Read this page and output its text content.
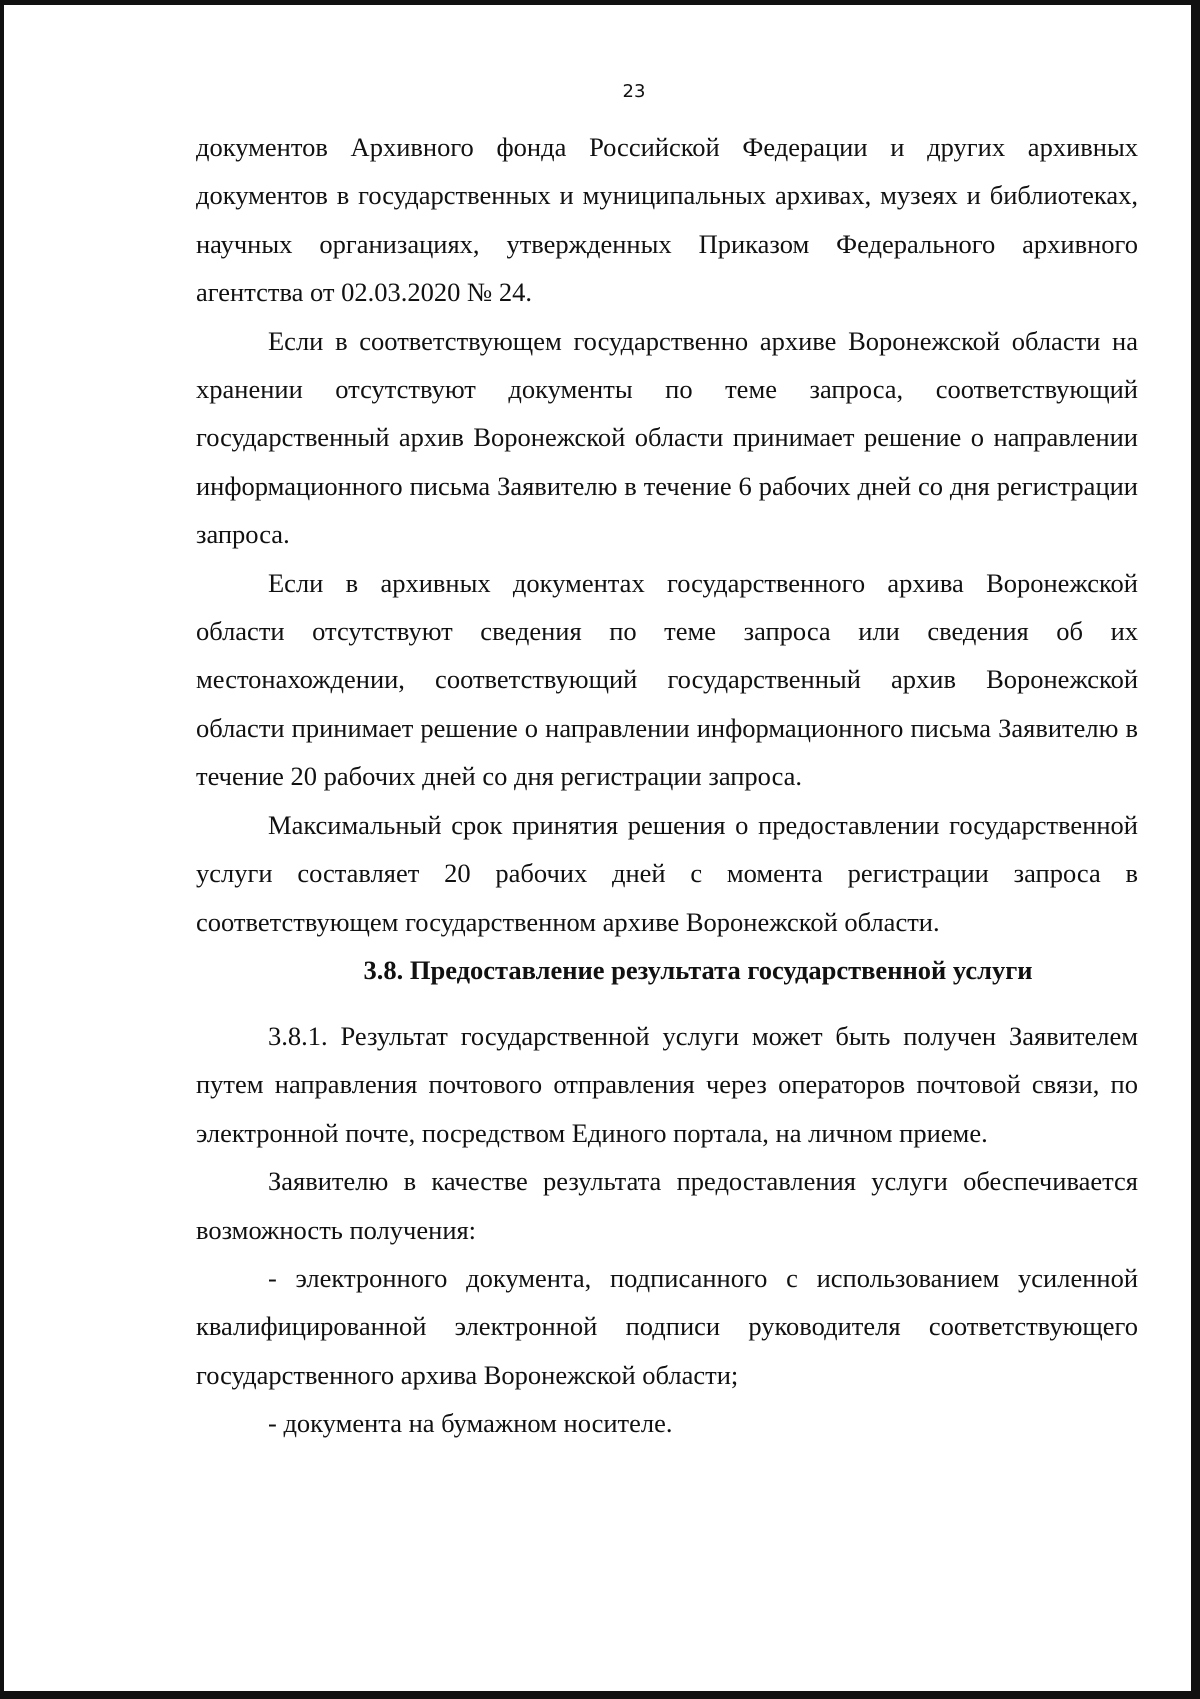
23

документов Архивного фонда Российской Федерации и других архивных документов в государственных и муниципальных архивах, музеях и библиотеках, научных организациях, утвержденных Приказом Федерального архивного агентства от 02.03.2020 № 24.

Если в соответствующем государственно архиве Воронежской области на хранении отсутствуют документы по теме запроса, соответствующий государственный архив Воронежской области принимает решение о направлении информационного письма Заявителю в течение 6 рабочих дней со дня регистрации запроса.

Если в архивных документах государственного архива Воронежской области отсутствуют сведения по теме запроса или сведения об их местонахождении, соответствующий государственный архив Воронежской области принимает решение о направлении информационного письма Заявителю в течение 20 рабочих дней со дня регистрации запроса.

Максимальный срок принятия решения о предоставлении государственной услуги составляет 20 рабочих дней с момента регистрации запроса в соответствующем государственном архиве Воронежской области.

3.8. Предоставление результата государственной услуги

3.8.1. Результат государственной услуги может быть получен Заявителем путем направления почтового отправления через операторов почтовой связи, по электронной почте, посредством Единого портала, на личном приеме.

Заявителю в качестве результата предоставления услуги обеспечивается возможность получения:

- электронного документа, подписанного с использованием усиленной квалифицированной электронной подписи руководителя соответствующего государственного архива Воронежской области;

- документа на бумажном носителе.
